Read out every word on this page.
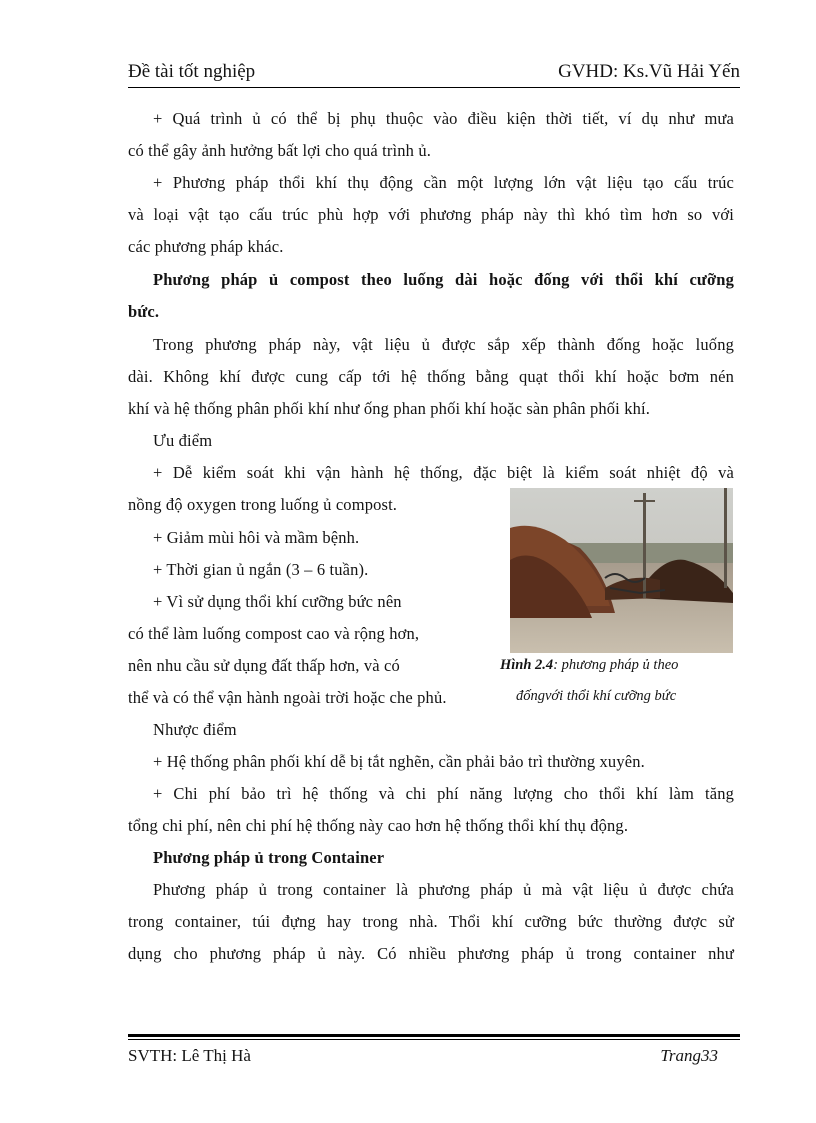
Đề tài tốt nghiệp	GVHD: Ks.Vũ Hải Yến
+ Quá trình ủ có thể bị phụ thuộc vào điều kiện thời tiết, ví dụ như mưa
có thể gây ảnh hưởng bất lợi cho quá trình ủ.
+ Phương pháp thổi khí thụ động cần một lượng lớn vật liệu tạo cấu trúc
và loại vật tạo cấu trúc phù hợp với phương pháp này thì khó tìm hơn so với
các phương pháp khác.
Phương pháp ủ compost theo luống dài hoặc đống với thổi khí cưỡng
bức.
Trong phương pháp này, vật liệu ủ được sắp xếp thành đống hoặc luống
dài. Không khí được cung cấp tới hệ thống bằng quạt thổi khí hoặc bơm nén
khí và hệ thống phân phối khí như ống phan phối khí hoặc sàn phân phối khí.
Ưu điểm
+ Dễ kiểm soát khi vận hành hệ thống, đặc biệt là kiểm soát nhiệt độ và
nồng độ oxygen trong luống ủ compost.
+ Giảm mùi hôi và mầm bệnh.
+ Thời gian ủ ngắn (3 – 6 tuần).
+ Vì sử dụng thổi khí cưỡng bức nên
có thể làm luống compost cao và rộng hơn,
nên nhu cầu sử dụng đất thấp hơn, và có
thể và có thể vận hành ngoài trời hoặc che phủ.
Hình 2.4: phương pháp ủ theo
đốngvới thổi khí cưỡng bức
Nhược điểm
+ Hệ thống phân phối khí dễ bị tắt nghẽn, cần phải bảo trì thường xuyên.
+ Chi phí bảo trì hệ thống và chi phí năng lượng cho thổi khí làm tăng
tổng chi phí, nên chi phí hệ thống này cao hơn hệ thống thổi khí thụ động.
Phương pháp ủ trong Container
Phương pháp ủ trong container là phương pháp ủ mà vật liệu ủ được chứa
trong container, túi đựng hay trong nhà. Thổi khí cưỡng bức thường được sử
dụng cho phương pháp ủ này. Có nhiều phương pháp ủ trong container như
SVTH: Lê Thị Hà	Trang33
